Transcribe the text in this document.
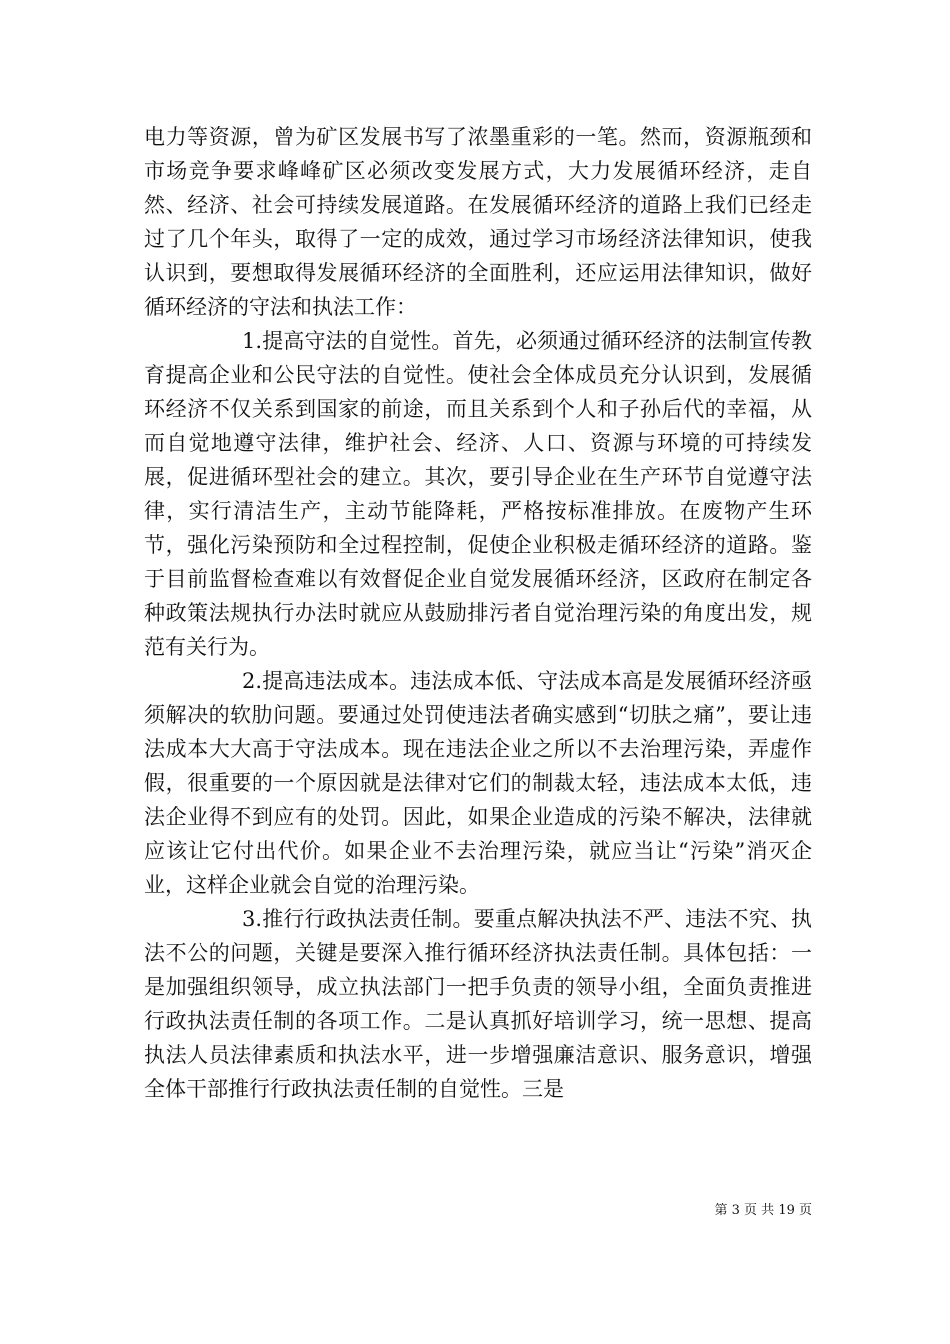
电力等资源，曾为矿区发展书写了浓墨重彩的一笔。然而，资源瓶颈和市场竞争要求峰峰矿区必须改变发展方式，大力发展循环经济，走自然、经济、社会可持续发展道路。在发展循环经济的道路上我们已经走过了几个年头，取得了一定的成效，通过学习市场经济法律知识，使我认识到，要想取得发展循环经济的全面胜利，还应运用法律知识，做好循环经济的守法和执法工作：

1.提高守法的自觉性。首先，必须通过循环经济的法制宣传教育提高企业和公民守法的自觉性。使社会全体成员充分认识到，发展循环经济不仅关系到国家的前途，而且关系到个人和子孙后代的幸福，从而自觉地遵守法律，维护社会、经济、人口、资源与环境的可持续发展，促进循环型社会的建立。其次，要引导企业在生产环节自觉遵守法律，实行清洁生产，主动节能降耗，严格按标准排放。在废物产生环节，强化污染预防和全过程控制，促使企业积极走循环经济的道路。鉴于目前监督检查难以有效督促企业自觉发展循环经济，区政府在制定各种政策法规执行办法时就应从鼓励排污者自觉治理污染的角度出发，规范有关行为。

2.提高违法成本。违法成本低、守法成本高是发展循环经济亟须解决的软肋问题。要通过处罚使违法者确实感到“切肤之痛”，要让违法成本大大高于守法成本。现在违法企业之所以不去治理污染，弄虚作假，很重要的一个原因就是法律对它们的制裁太轻，违法成本太低，违法企业得不到应有的处罚。因此，如果企业造成的污染不解决，法律就应该让它付出代价。如果企业不去治理污染，就应当让“污染”消灭企业，这样企业就会自觉的治理污染。

3.推行行政执法责任制。要重点解决执法不严、违法不究、执法不公的问题，关键是要深入推行循环经济执法责任制。具体包括：一是加强组织领导，成立执法部门一把手负责的领导小组，全面负责推进行政执法责任制的各项工作。二是认真抓好培训学习，统一思想、提高执法人员法律素质和执法水平，进一步增强廉洁意识、服务意识，增强全体干部推行行政执法责任制的自觉性。三是

第 3 页 共 19 页
